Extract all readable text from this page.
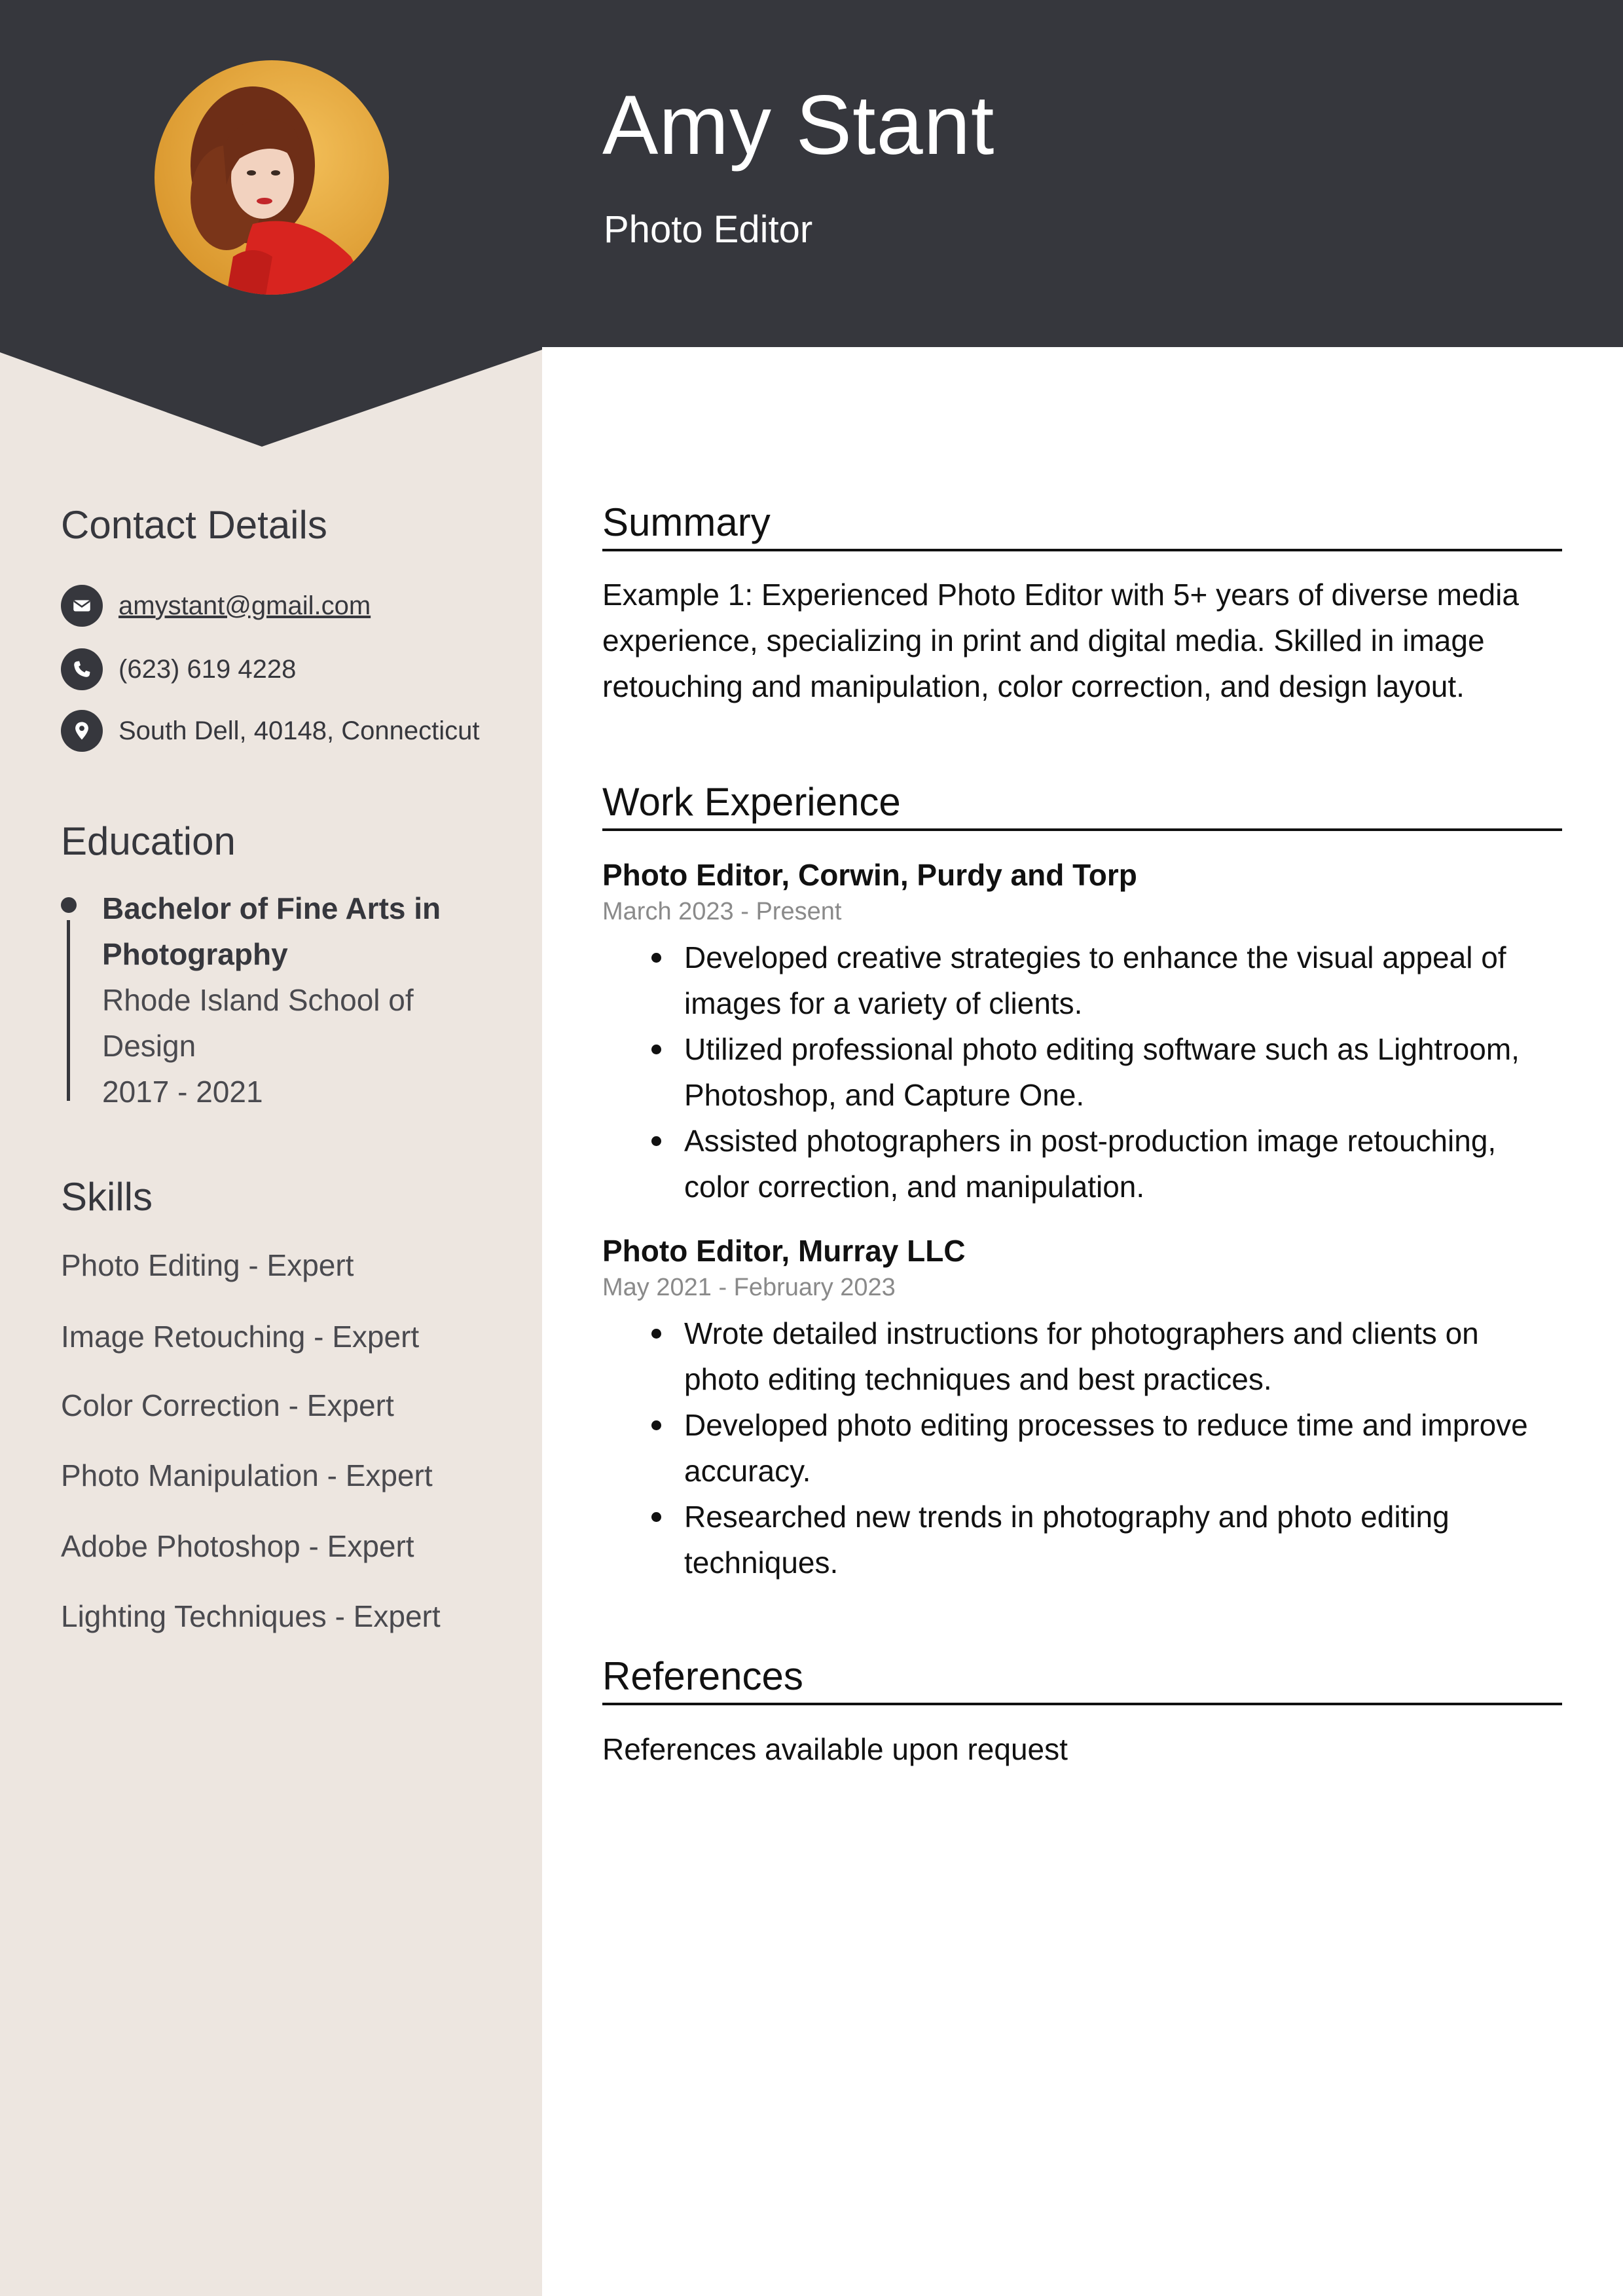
Amy Stant
Photo Editor
Contact Details
amystant@gmail.com
(623) 619 4228
South Dell, 40148, Connecticut
Education
Bachelor of Fine Arts in Photography
Rhode Island School of Design
2017 - 2021
Skills
Photo Editing - Expert
Image Retouching - Expert
Color Correction - Expert
Photo Manipulation - Expert
Adobe Photoshop - Expert
Lighting Techniques - Expert
Summary
Example 1: Experienced Photo Editor with 5+ years of diverse media experience, specializing in print and digital media. Skilled in image retouching and manipulation, color correction, and design layout.
Work Experience
Photo Editor, Corwin, Purdy and Torp
March 2023 - Present
Developed creative strategies to enhance the visual appeal of images for a variety of clients.
Utilized professional photo editing software such as Lightroom, Photoshop, and Capture One.
Assisted photographers in post-production image retouching, color correction, and manipulation.
Photo Editor, Murray LLC
May 2021 - February 2023
Wrote detailed instructions for photographers and clients on photo editing techniques and best practices.
Developed photo editing processes to reduce time and improve accuracy.
Researched new trends in photography and photo editing techniques.
References
References available upon request
